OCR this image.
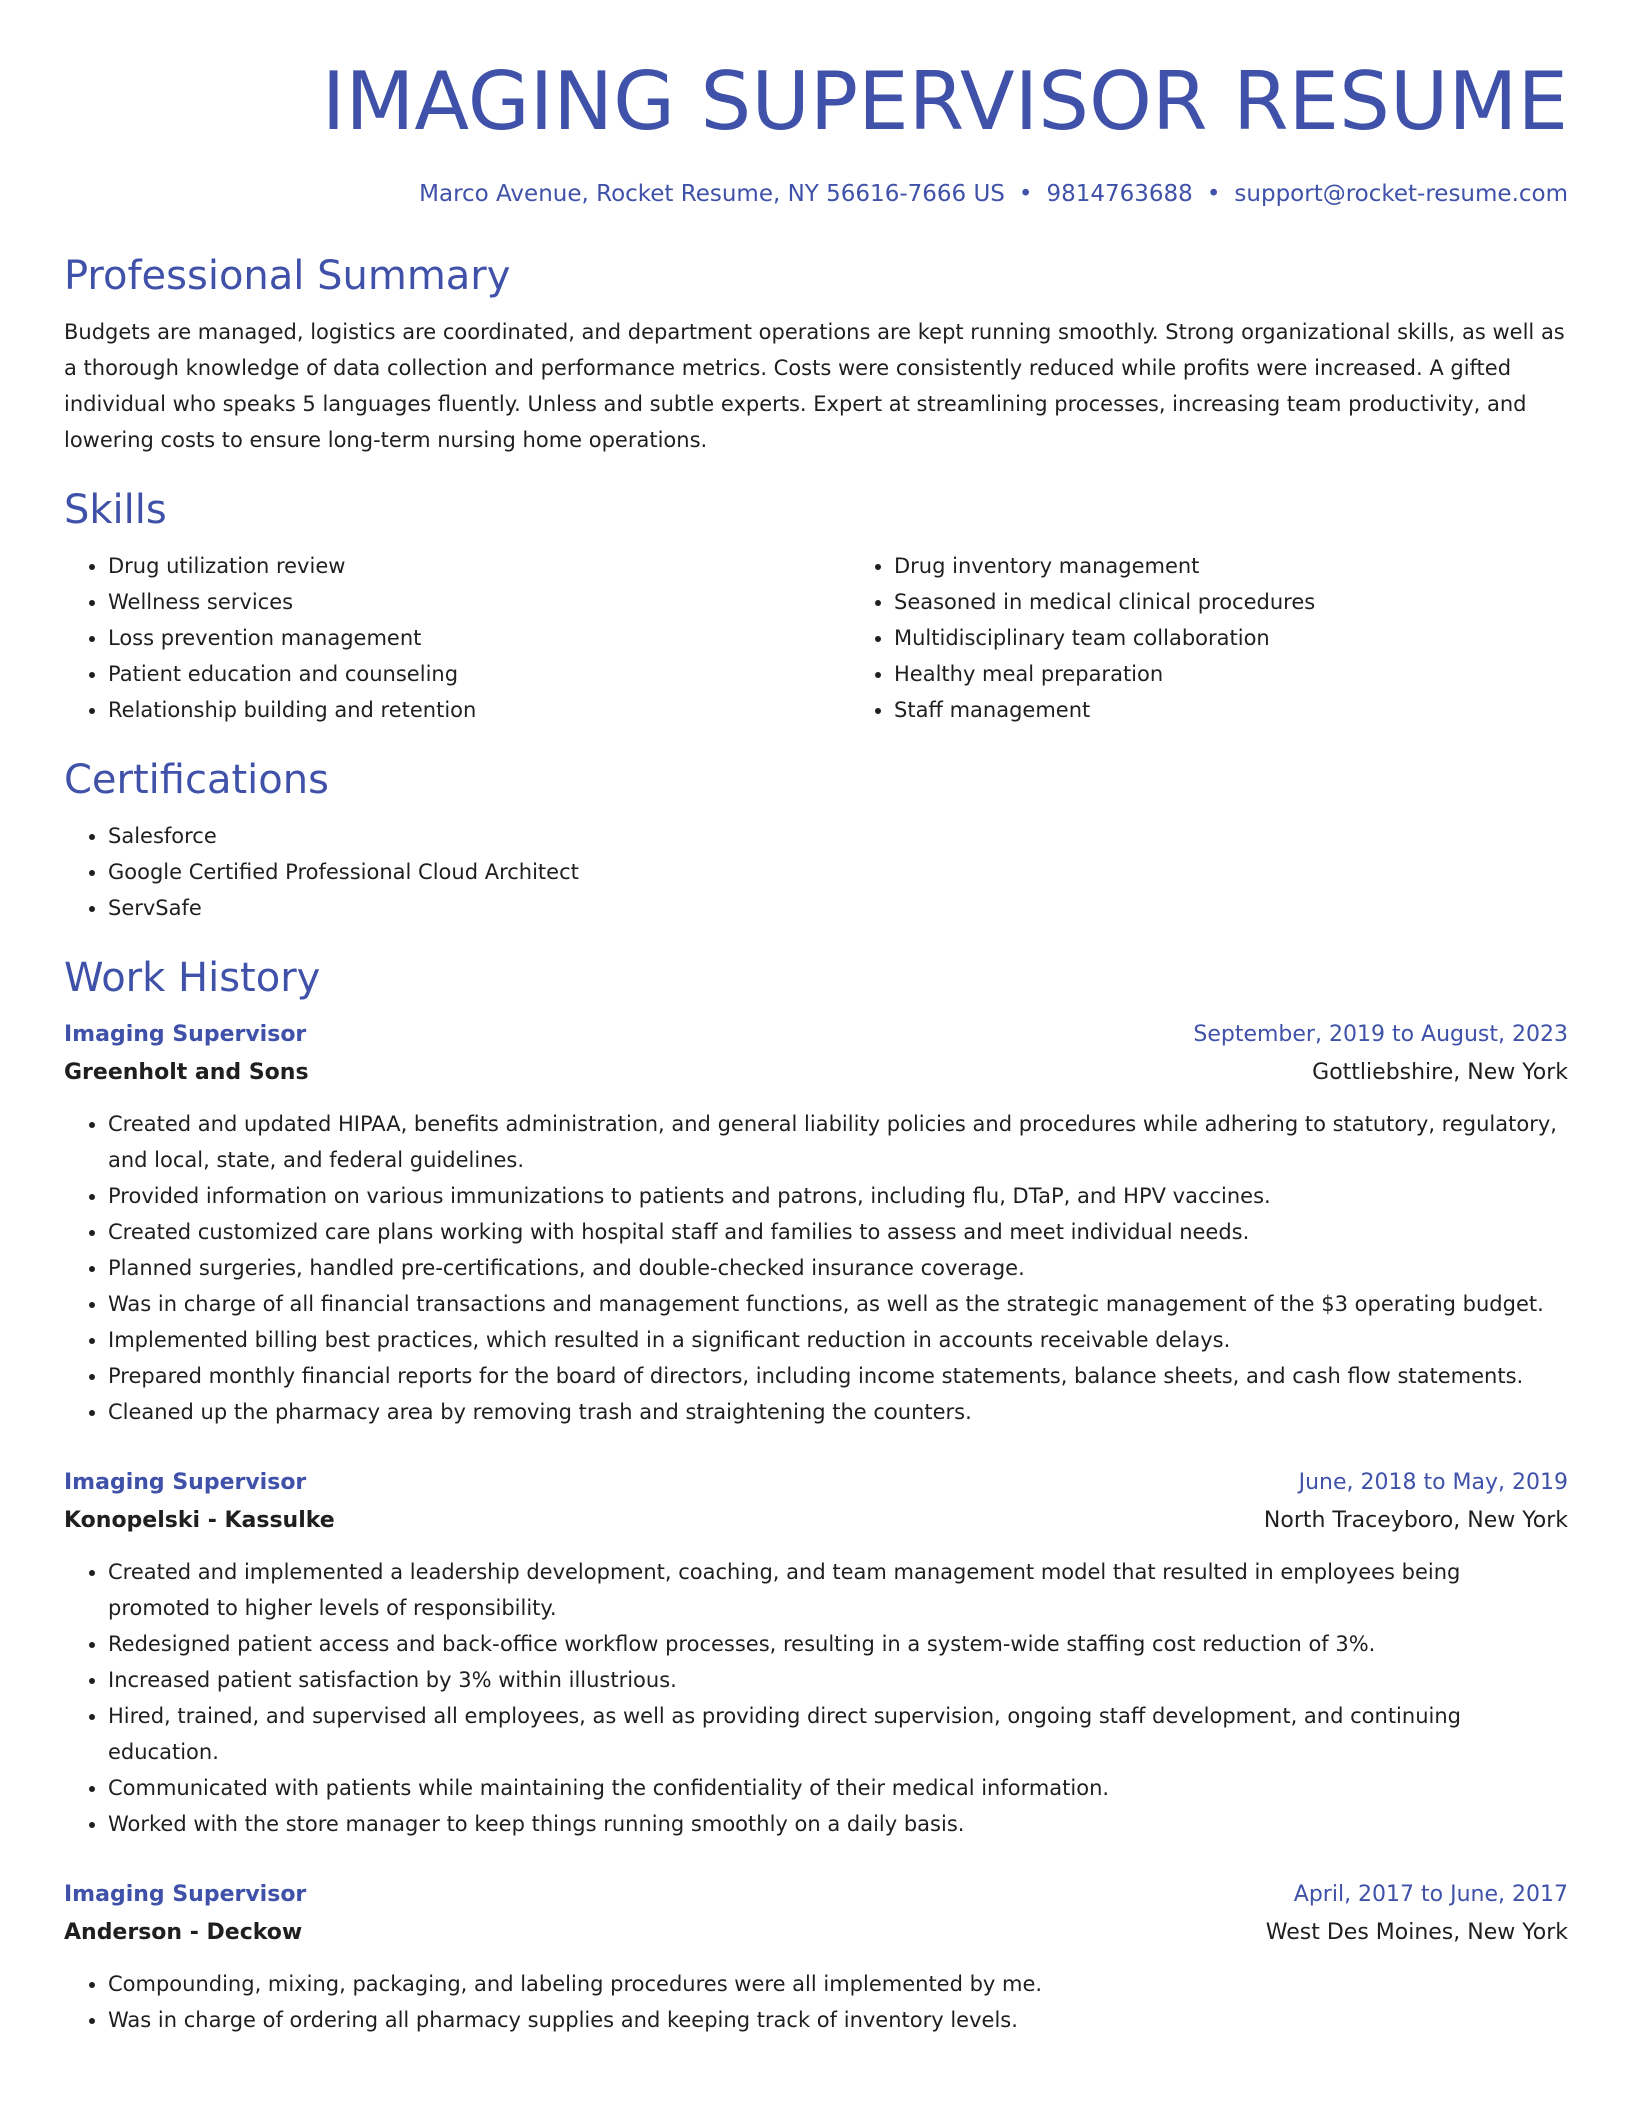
IMAGING SUPERVISOR RESUME
Marco Avenue, Rocket Resume, NY 56616-7666 US • 9814763688 • support@rocket-resume.com
Professional Summary

Budgets are managed, logistics are coordinated, and department operations are kept running smoothly. Strong organizational skills, as well as a thorough knowledge of data collection and performance metrics. Costs were consistently reduced while profits were increased. A gifted individual who speaks 5 languages fluently. Unless and subtle experts. Expert at streamlining processes, increasing team productivity, and lowering costs to ensure long-term nursing home operations.

Skills
• Drug utilization review
• Wellness services
• Loss prevention management
• Patient education and counseling
• Relationship building and retention
• Drug inventory management
• Seasoned in medical clinical procedures
• Multidisciplinary team collaboration
• Healthy meal preparation
• Staff management
Certifications
• Salesforce
• Google Certified Professional Cloud Architect
• ServSafe
Work History
Imaging Supervisor	September, 2019 to August, 2023
Greenholt and Sons	Gottliebshire, New York
• Created and updated HIPAA, benefits administration, and general liability policies and procedures while adhering to statutory, regulatory, and local, state, and federal guidelines.
• Provided information on various immunizations to patients and patrons, including flu, DTaP, and HPV vaccines.
• Created customized care plans working with hospital staff and families to assess and meet individual needs.
• Planned surgeries, handled pre-certifications, and double-checked insurance coverage.
• Was in charge of all financial transactions and management functions, as well as the strategic management of the $3 operating budget.
• Implemented billing best practices, which resulted in a significant reduction in accounts receivable delays.
• Prepared monthly financial reports for the board of directors, including income statements, balance sheets, and cash flow statements.
• Cleaned up the pharmacy area by removing trash and straightening the counters.
Imaging Supervisor	June, 2018 to May, 2019
Konopelski - Kassulke	North Traceyboro, New York
• Created and implemented a leadership development, coaching, and team management model that resulted in employees being promoted to higher levels of responsibility.
• Redesigned patient access and back-office workflow processes, resulting in a system-wide staffing cost reduction of 3%.
• Increased patient satisfaction by 3% within illustrious.
• Hired, trained, and supervised all employees, as well as providing direct supervision, ongoing staff development, and continuing education.
• Communicated with patients while maintaining the confidentiality of their medical information.
• Worked with the store manager to keep things running smoothly on a daily basis.
Imaging Supervisor	April, 2017 to June, 2017
Anderson - Deckow	West Des Moines, New York
• Compounding, mixing, packaging, and labeling procedures were all implemented by me.
• Was in charge of ordering all pharmacy supplies and keeping track of inventory levels.
